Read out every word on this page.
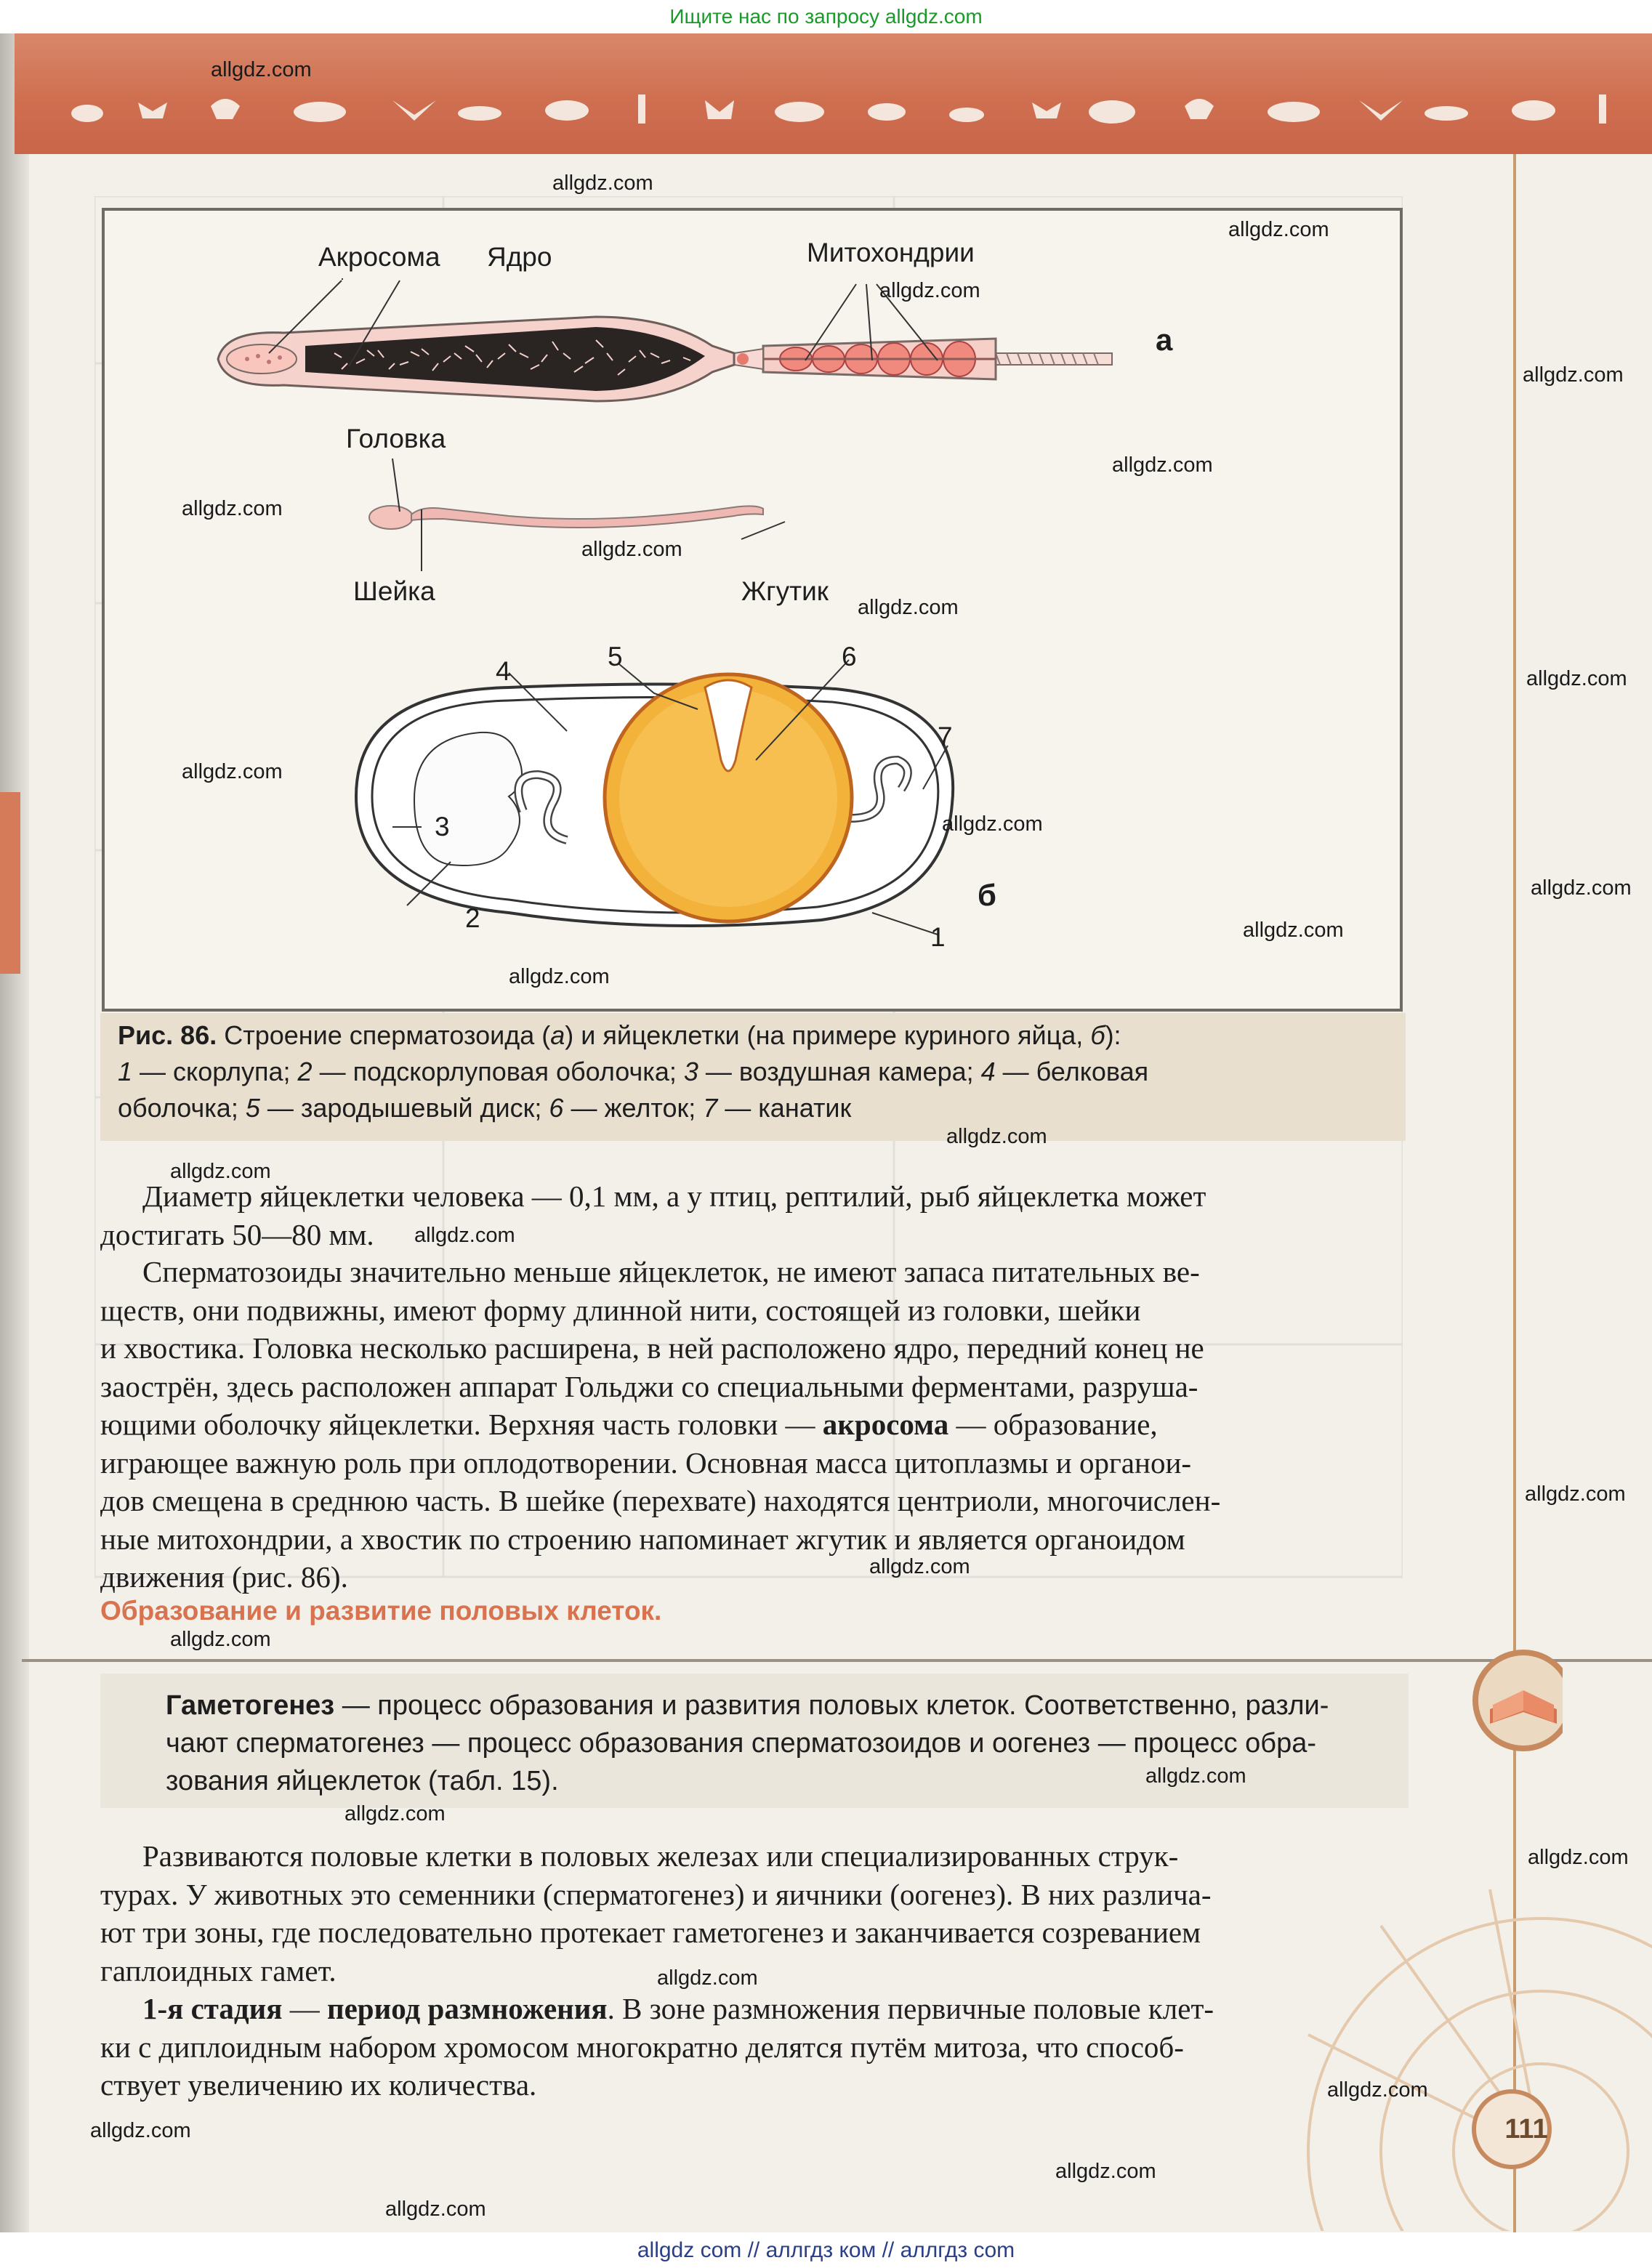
Ищите нас по запросу allgdz.com
Акросома Ядро	Митохондрии
Головка
Шейка	Жгутик
а
б
1
2
3
4	5	6
7
Рис. 86. Строение сперматозоида (а) и яйцеклетки (на примере куриного яйца, б):
1 — скорлупа; 2 — подскорлуповая оболочка; 3 — воздушная камера; 4 — белковая
оболочка; 5 — зародышевый диск; 6 — желток; 7 — канатик
Диаметр яйцеклетки человека — 0,1 мм, а у птиц, рептилий, рыб яйцеклетка может
достигать 50—80 мм.
Сперматозоиды значительно меньше яйцеклеток, не имеют запаса питательных ве-
ществ, они подвижны, имеют форму длинной нити, состоящей из головки, шейки
и хвостика. Головка несколько расширена, в ней расположено ядро, передний конец не
заострён, здесь расположен аппарат Гольджи со специальными ферментами, разруша-
ющими оболочку яйцеклетки. Верхняя часть головки — акросома — образование,
играющее важную роль при оплодотворении. Основная масса цитоплазмы и органои-
дов смещена в среднюю часть. В шейке (перехвате) находятся центриоли, многочислен-
ные митохондрии, а хвостик по строению напоминает жгутик и является органоидом
движения (рис. 86).
Образование и развитие половых клеток.
Гаметогенез — процесс образования и развития половых клеток. Соответственно, разли-
чают сперматогенез — процесс образования сперматозоидов и оогенез — процесс обра-
зования яйцеклеток (табл. 15).
Развиваются половые клетки в половых железах или специализированных струк-
турах. У животных это семенники (сперматогенез) и яичники (оогенез). В них различа-
ют три зоны, где последовательно протекает гаметогенез и заканчивается созреванием
гаплоидных гамет.
1-я стадия — период размножения. В зоне размножения первичные половые клет-
ки с диплоидным набором хромосом многократно делятся путём митоза, что способ-
ствует увеличению их количества.
111
allgdz.com
allgdz.com
allgdz.com
allgdz.com
allgdz.com
allgdz.com
allgdz.com
allgdz.com
allgdz.com
allgdz.com
allgdz.com
allgdz.com
allgdz.com
allgdz.com
allgdz.com
allgdz.com
allgdz.com
allgdz.com
allgdz.com
allgdz.com
allgdz.com
allgdz.com
allgdz.com
allgdz.com
allgdz.com
allgdz.com
allgdz.com
allgdz.com
allgdz.com
allgdz com // аллгдз ком // аллгдз com
